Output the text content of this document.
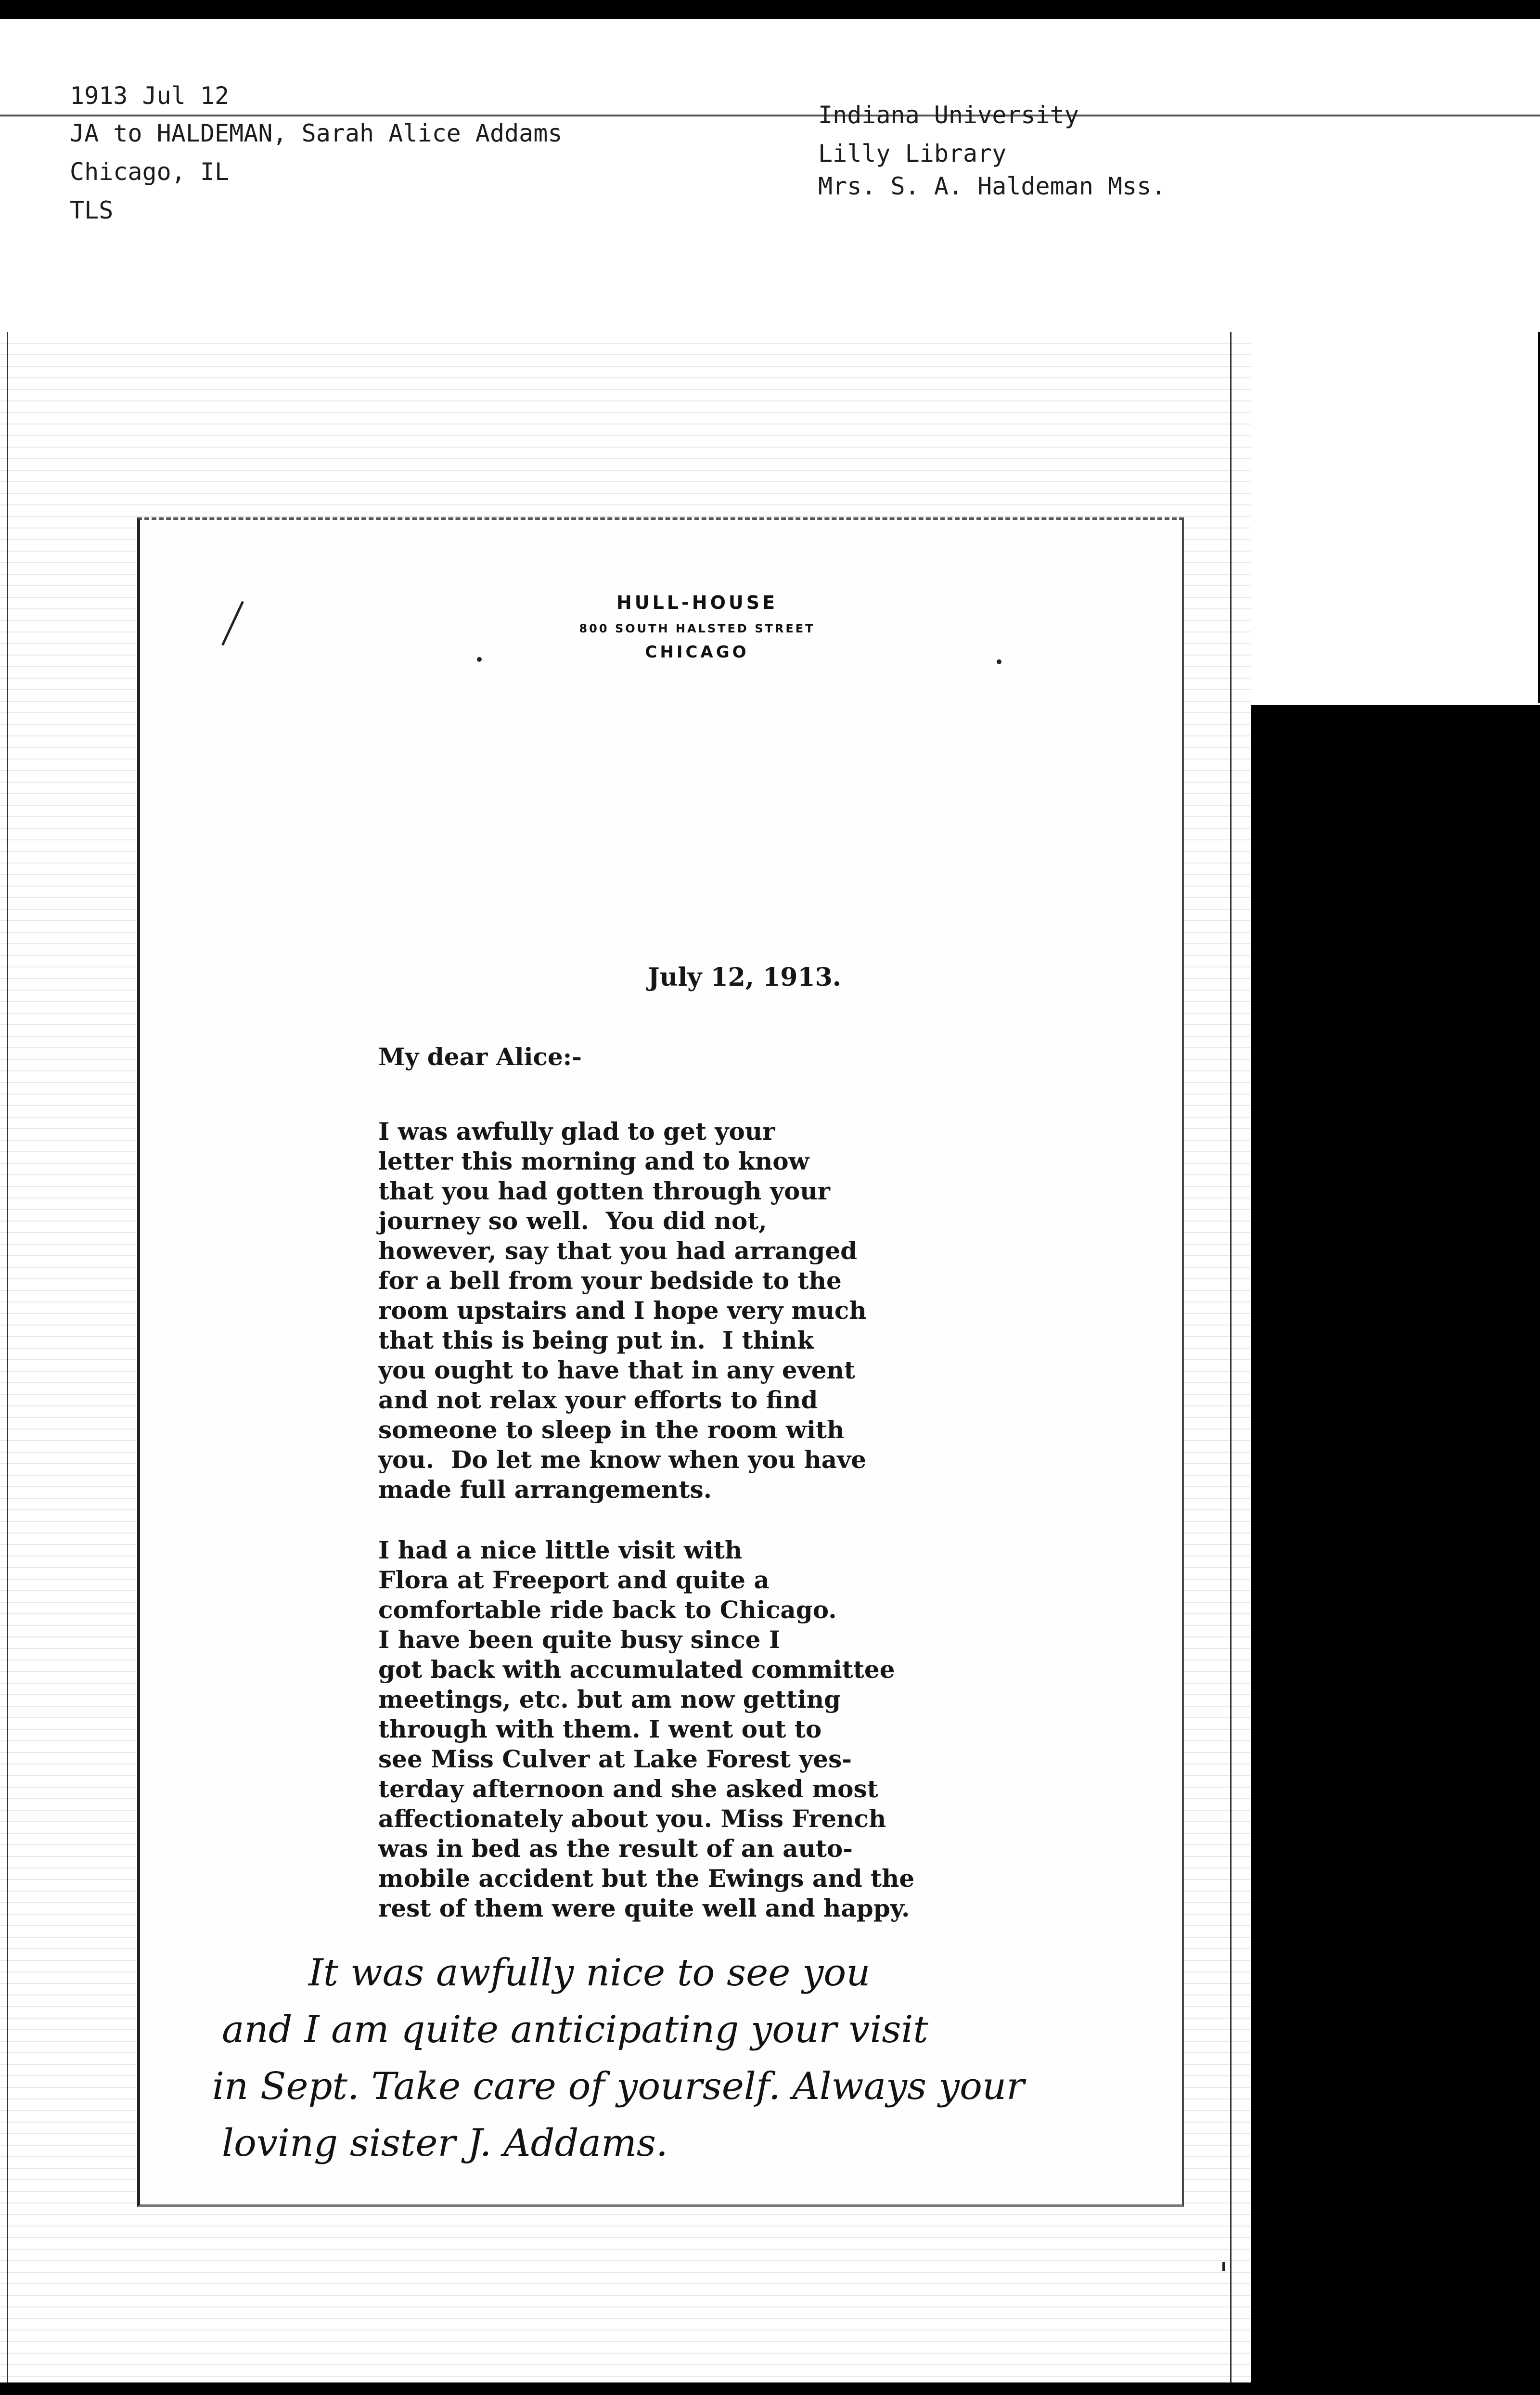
1913 Jul 12
JA to HALDEMAN, Sarah Alice Addams
Chicago, IL
TLS
Indiana University
Lilly Library
Mrs. S. A. Haldeman Mss.
HULL-HOUSE
800 SOUTH HALSTED STREET
CHICAGO
July 12, 1913.
My dear Alice:-
I was awfully glad to get your
letter this morning and to know
that you had gotten through your
journey so well.  You did not,
however, say that you had arranged
for a bell from your bedside to the
room upstairs and I hope very much
that this is being put in.  I think
you ought to have that in any event
and not relax your efforts to find
someone to sleep in the room with
you.  Do let me know when you have
made full arrangements.
I had a nice little visit with
Flora at Freeport and quite a
comfortable ride back to Chicago.
I have been quite busy since I
got back with accumulated committee
meetings, etc. but am now getting
through with them. I went out to
see Miss Culver at Lake Forest yes-
terday afternoon and she asked most
affectionately about you. Miss French
was in bed as the result of an auto-
mobile accident but the Ewings and the
rest of them were quite well and happy.
It was awfully nice to see you
and I am quite anticipating your visit
in Sept. Take care of yourself. Always your
loving sister J. Addams.
